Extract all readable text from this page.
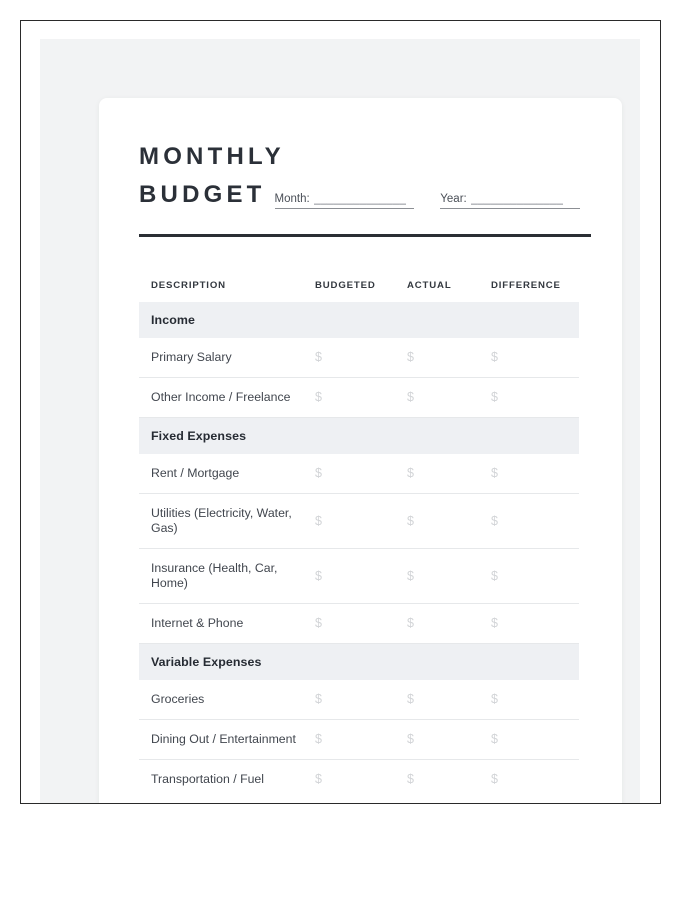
MONTHLY
BUDGET Month: ______________	Year: ______________
DESCRIPTION	BUDGETED	ACTUAL	DIFFERENCE
Income			
Primary Salary	$	$	$
Other Income / Freelance	$	$	$
Fixed Expenses			
Rent / Mortgage	$	$	$
Utilities (Electricity, Water, Gas)	$	$	$
Insurance (Health, Car, Home)	$	$	$
Internet & Phone	$	$	$
Variable Expenses			
Groceries	$	$	$
Dining Out / Entertainment	$	$	$
Transportation / Fuel	$	$	$
